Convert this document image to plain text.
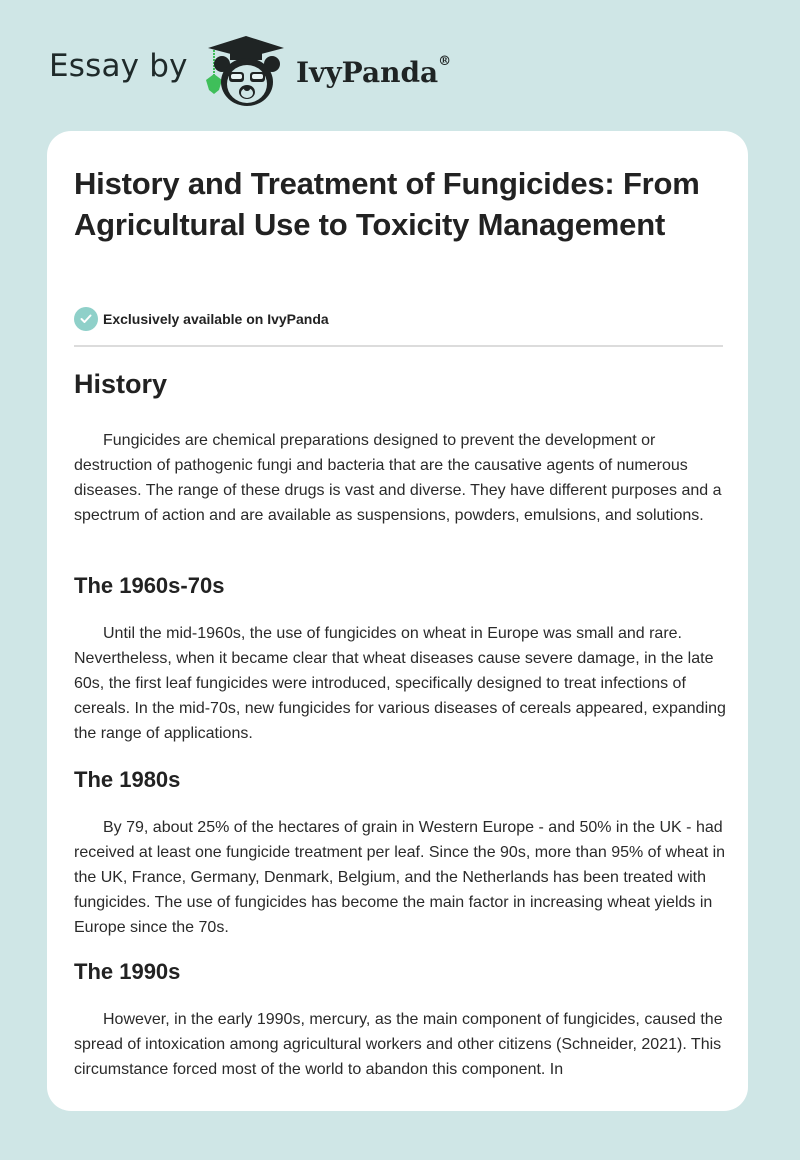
Essay by	IvyPanda®
History and Treatment of Fungicides: From Agricultural Use to Toxicity Management
Exclusively available on IvyPanda
History

Fungicides are chemical preparations designed to prevent the development or destruction of pathogenic fungi and bacteria that are the causative agents of numerous diseases. The range of these drugs is vast and diverse. They have different purposes and a spectrum of action and are available as suspensions, powders, emulsions, and solutions.

The 1960s-70s

Until the mid-1960s, the use of fungicides on wheat in Europe was small and rare. Nevertheless, when it became clear that wheat diseases cause severe damage, in the late 60s, the first leaf fungicides were introduced, specifically designed to treat infections of cereals. In the mid-70s, new fungicides for various diseases of cereals appeared, expanding the range of applications.

The 1980s

By 79, about 25% of the hectares of grain in Western Europe - and 50% in the UK - had received at least one fungicide treatment per leaf. Since the 90s, more than 95% of wheat in the UK, France, Germany, Denmark, Belgium, and the Netherlands has been treated with fungicides. The use of fungicides has become the main factor in increasing wheat yields in Europe since the 70s.

The 1990s

However, in the early 1990s, mercury, as the main component of fungicides, caused the spread of intoxication among agricultural workers and other citizens (Schneider, 2021). This circumstance forced most of the world to abandon this component. In
